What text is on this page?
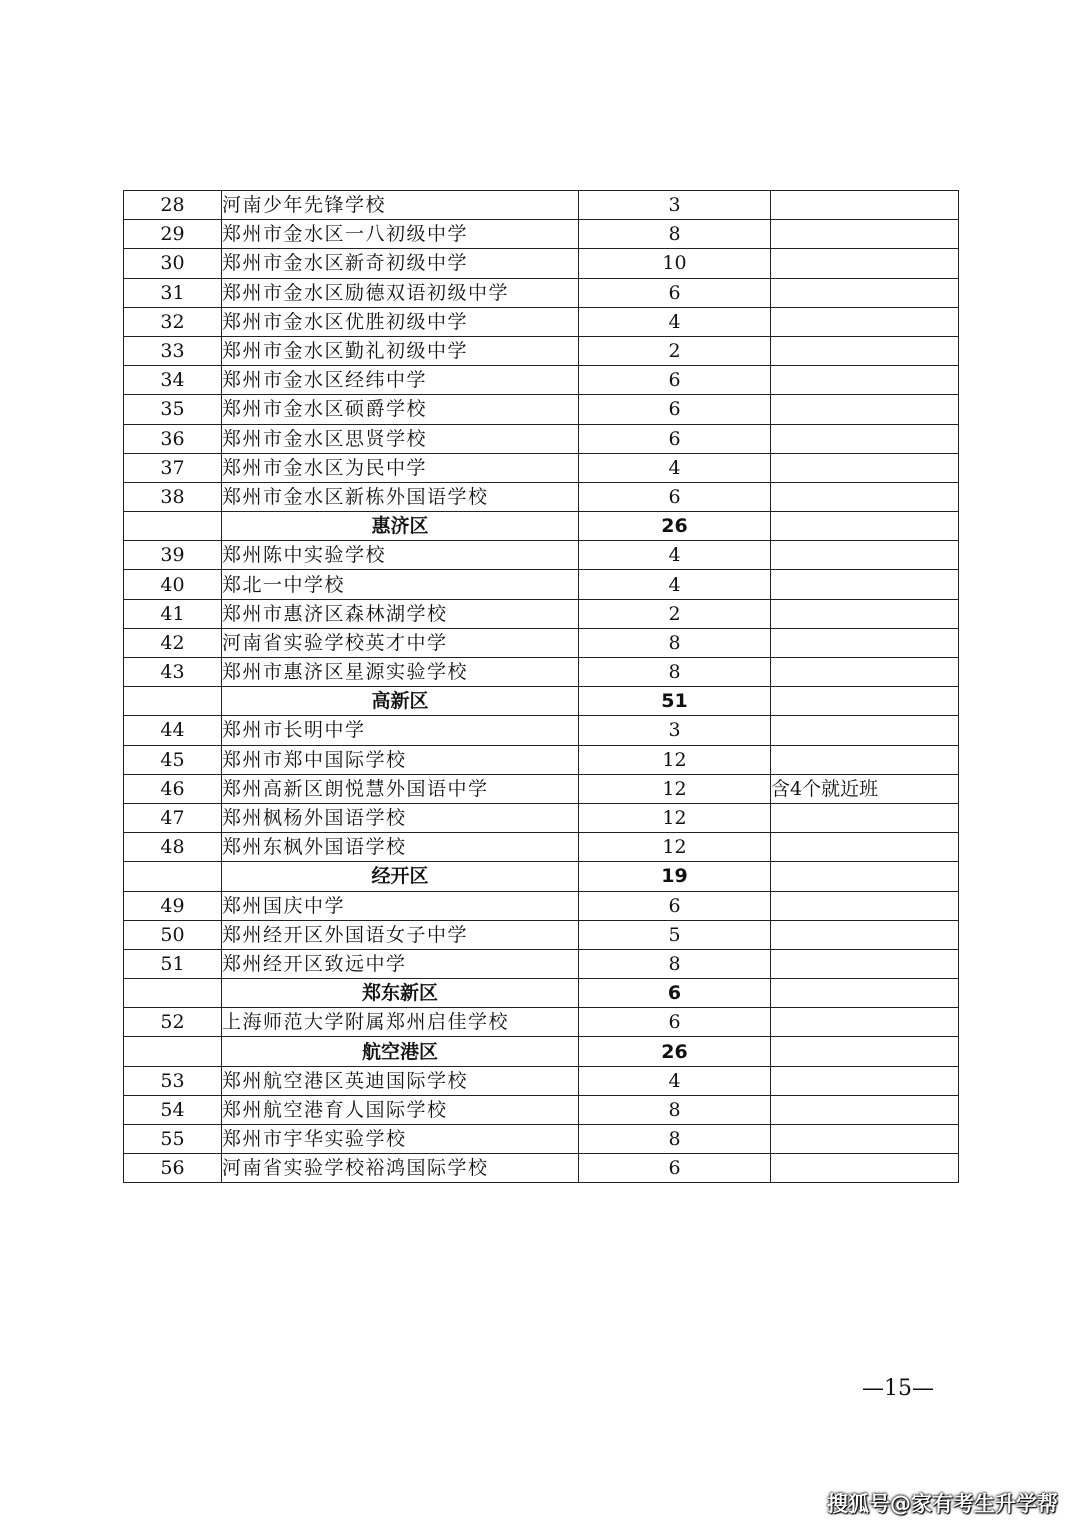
28	河南少年先锋学校	3	
29	郑州市金水区一八初级中学	8	
30	郑州市金水区新奇初级中学	10	
31	郑州市金水区励德双语初级中学	6	
32	郑州市金水区优胜初级中学	4	
33	郑州市金水区勤礼初级中学	2	
34	郑州市金水区经纬中学	6	
35	郑州市金水区硕爵学校	6	
36	郑州市金水区思贤学校	6	
37	郑州市金水区为民中学	4	
38	郑州市金水区新栋外国语学校	6	
	惠济区	26	
39	郑州陈中实验学校	4	
40	郑北一中学校	4	
41	郑州市惠济区森林湖学校	2	
42	河南省实验学校英才中学	8	
43	郑州市惠济区星源实验学校	8	
	高新区	51	
44	郑州市长明中学	3	
45	郑州市郑中国际学校	12	
46	郑州高新区朗悦慧外国语中学	12	含4个就近班
47	郑州枫杨外国语学校	12	
48	郑州东枫外国语学校	12	
	经开区	19	
49	郑州国庆中学	6	
50	郑州经开区外国语女子中学	5	
51	郑州经开区致远中学	8	
	郑东新区	6	
52	上海师范大学附属郑州启佳学校	6	
	航空港区	26	
53	郑州航空港区英迪国际学校	4	
54	郑州航空港育人国际学校	8	
55	郑州市宇华实验学校	8	
56	河南省实验学校裕鸿国际学校	6	
—15—
搜狐号@家有考生升学帮
